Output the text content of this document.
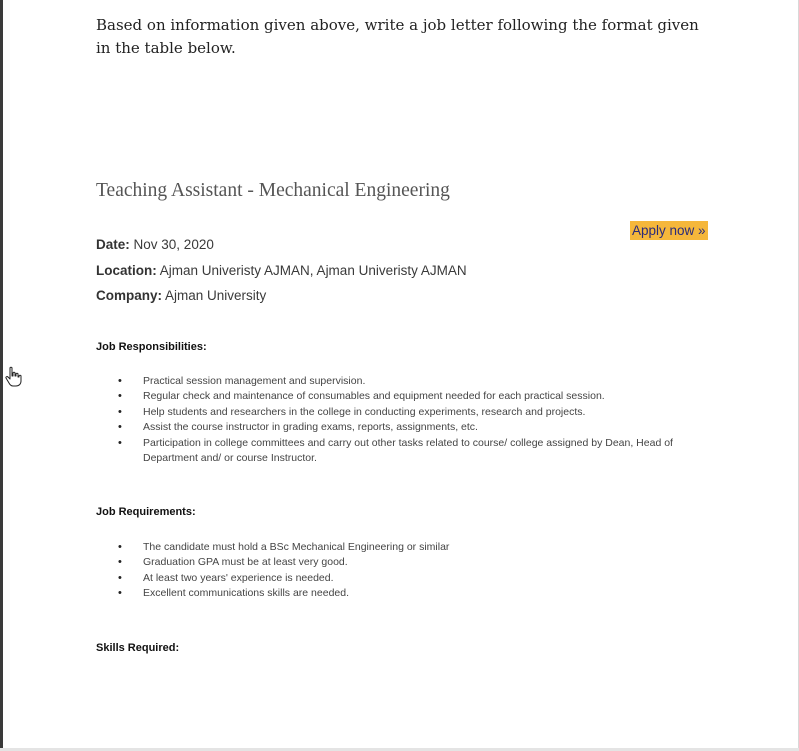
Based on information given above, write a job letter following the format given in the table below.

Teaching Assistant - Mechanical Engineering
Apply now »

Date: Nov 30, 2020

Location: Ajman Univeristy AJMAN, Ajman Univeristy AJMAN

Company: Ajman University

Job Responsibilities:
• Practical session management and supervision.
• Regular check and maintenance of consumables and equipment needed for each practical session.
• Help students and researchers in the college in conducting experiments, research and projects.
• Assist the course instructor in grading exams, reports, assignments, etc.
• Participation in college committees and carry out other tasks related to course/ college assigned by Dean, Head of Department and/ or course Instructor.
Job Requirements:
• The candidate must hold a BSc Mechanical Engineering or similar
• Graduation GPA must be at least very good.
• At least two years' experience is needed.
• Excellent communications skills are needed.
Skills Required:
